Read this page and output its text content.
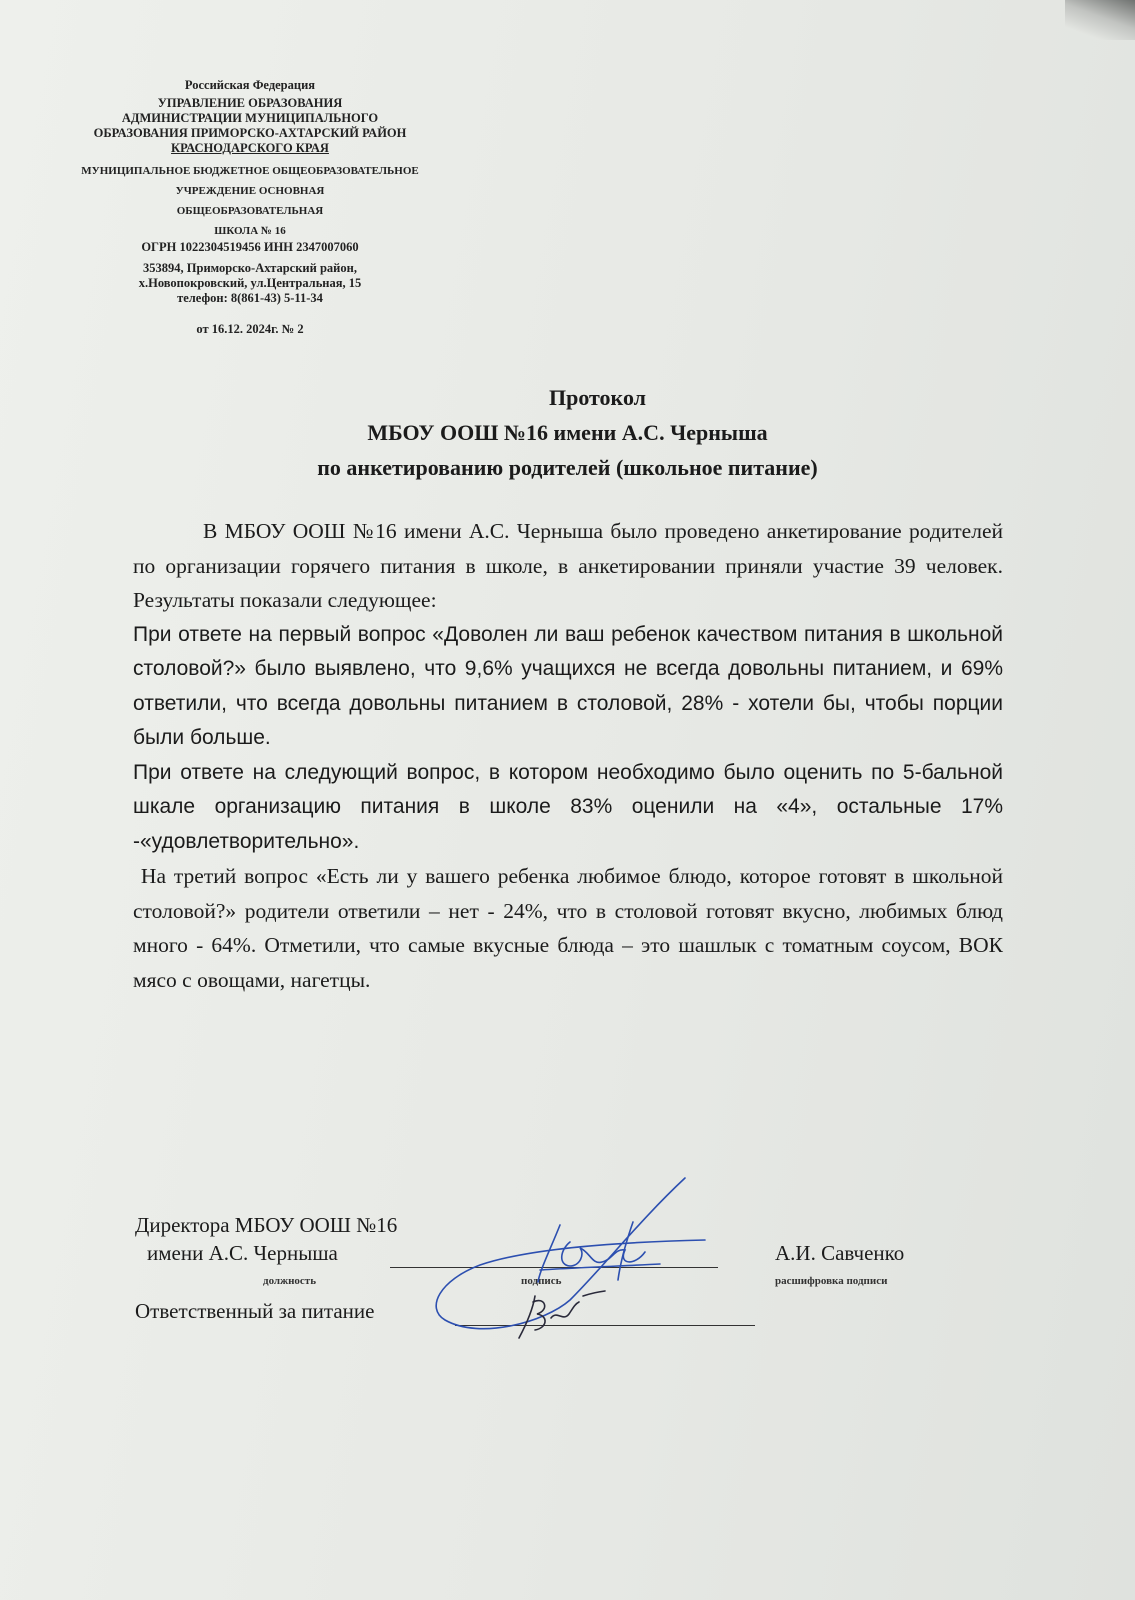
Российская Федерация
УПРАВЛЕНИЕ ОБРАЗОВАНИЯ
АДМИНИСТРАЦИИ МУНИЦИПАЛЬНОГО
ОБРАЗОВАНИЯ ПРИМОРСКО-АХТАРСКИЙ РАЙОН
КРАСНОДАРСКОГО КРАЯ
МУНИЦИПАЛЬНОЕ БЮДЖЕТНОЕ ОБЩЕОБРАЗОВАТЕЛЬНОЕ
УЧРЕЖДЕНИЕ ОСНОВНАЯ
ОБЩЕОБРАЗОВАТЕЛЬНАЯ
ШКОЛА № 16
ОГРН 1022304519456 ИНН 2347007060
353894, Приморско-Ахтарский район,
х.Новопокровский, ул.Центральная, 15
телефон: 8(861-43) 5-11-34
от 16.12. 2024г. № 2
Протокол
МБОУ ООШ №16 имени А.С. Черныша
по анкетированию родителей (школьное питание)

В МБОУ ООШ №16 имени А.С. Черныша было проведено анкетирование родителей по организации горячего питания в школе, в анкетировании приняли участие 39 человек. Результаты показали следующее:

При ответе на первый вопрос «Доволен ли ваш ребенок качеством питания в школьной столовой?» было выявлено, что 9,6% учащихся не всегда довольны питанием, и 69% ответили, что всегда довольны питанием в столовой, 28% - хотели бы, чтобы порции были больше.

При ответе на следующий вопрос, в котором необходимо было оценить по 5-бальной шкале организацию питания в школе 83% оценили на «4», остальные 17% -«удовлетворительно».

На третий вопрос «Есть ли у вашего ребенка любимое блюдо, которое готовят в школьной столовой?» родители ответили – нет - 24%, что в столовой готовят вкусно, любимых блюд много - 64%. Отметили, что самые вкусные блюда – это шашлык с томатным соусом, ВОК мясо с овощами, нагетцы.

Директора МБОУ ООШ №16
имени А.С. Черныша	А.И. Савченко
должность	подпись	расшифровка подписи
Ответственный за питание
